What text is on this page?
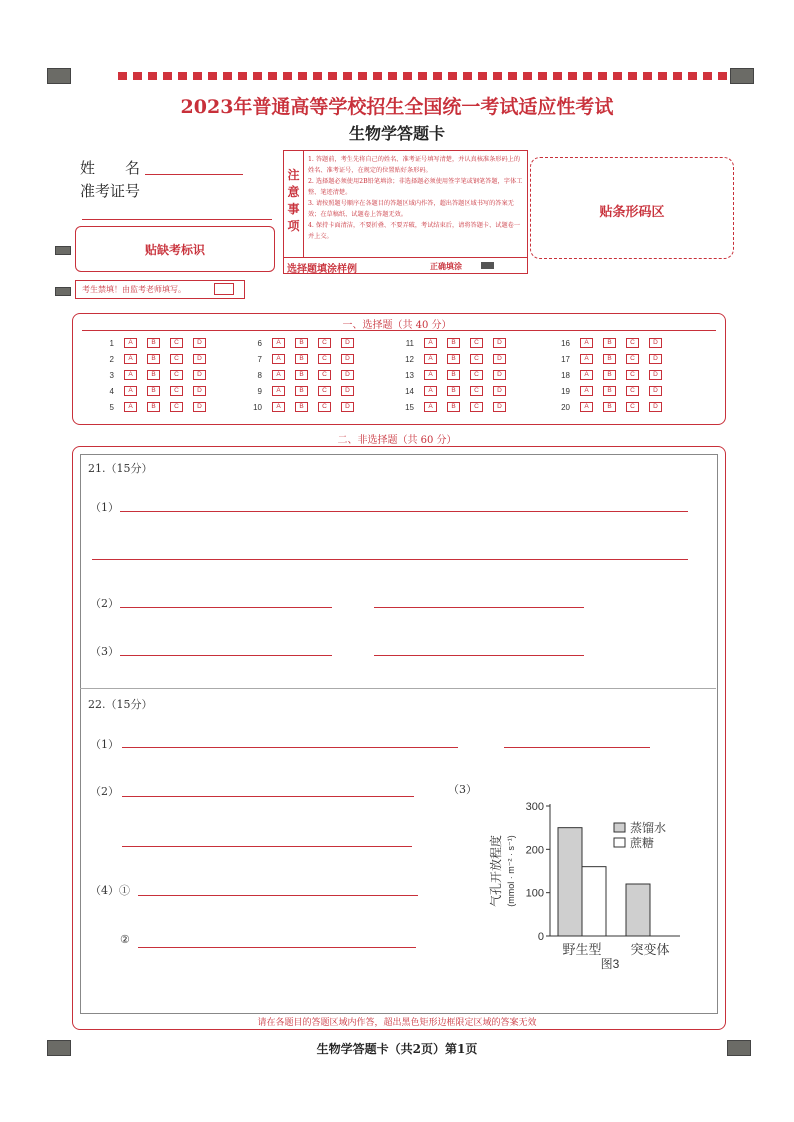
2023年普通高等学校招生全国统一考试适应性考试
生物学答题卡
姓　　名
准考证号
贴缺考标识
考生禁填！由监考老师填写。
注意事项
1. 答题前，考生先将自己的姓名、准考证号填写清楚，并认真核准条形码上的姓名、准考证号，在规定的位置贴好条形码。
2. 选择题必须使用2B铅笔填涂；非选择题必须使用签字笔或钢笔答题，字体工整、笔迹清楚。
3. 请按照题号顺序在各题目的答题区域内作答，超出答题区域书写的答案无效；在草稿纸、试题卷上答题无效。
4. 保持卡面清洁，不要折叠、不要弄破，考试结束后，请将答题卡、试题卷一并上交。
选择题填涂样例	正确填涂
贴条形码区
一、选择题（共 40 分）
1 A	B	C	D
2 A	B	C	D
3 A	B	C	D
4 A	B	C	D
5 A	B	C	D
6 A	B	C	D
7 A	B	C	D
8 A	B	C	D
9 A	B	C	D
10 A	B	C	D
11 A	B	C	D
12 A	B	C	D
13 A	B	C	D
14 A	B	C	D
15 A	B	C	D
16 A	B	C	D
17 A	B	C	D
18 A	B	C	D
19 A	B	C	D
20 A	B	C	D
二、非选择题（共 60 分）
21.（15分）
（1）
（2）
（3）
22.（15分）
（1）
（2）	（3）
（4）①
②	0
100
200
300
野生型 突变体
蒸馏水
蔗糖
气孔开放程度 (mmol · m⁻² · s⁻¹)
图3
请在各题目的答题区域内作答，超出黑色矩形边框限定区域的答案无效
生物学答题卡（共2页）第1页
